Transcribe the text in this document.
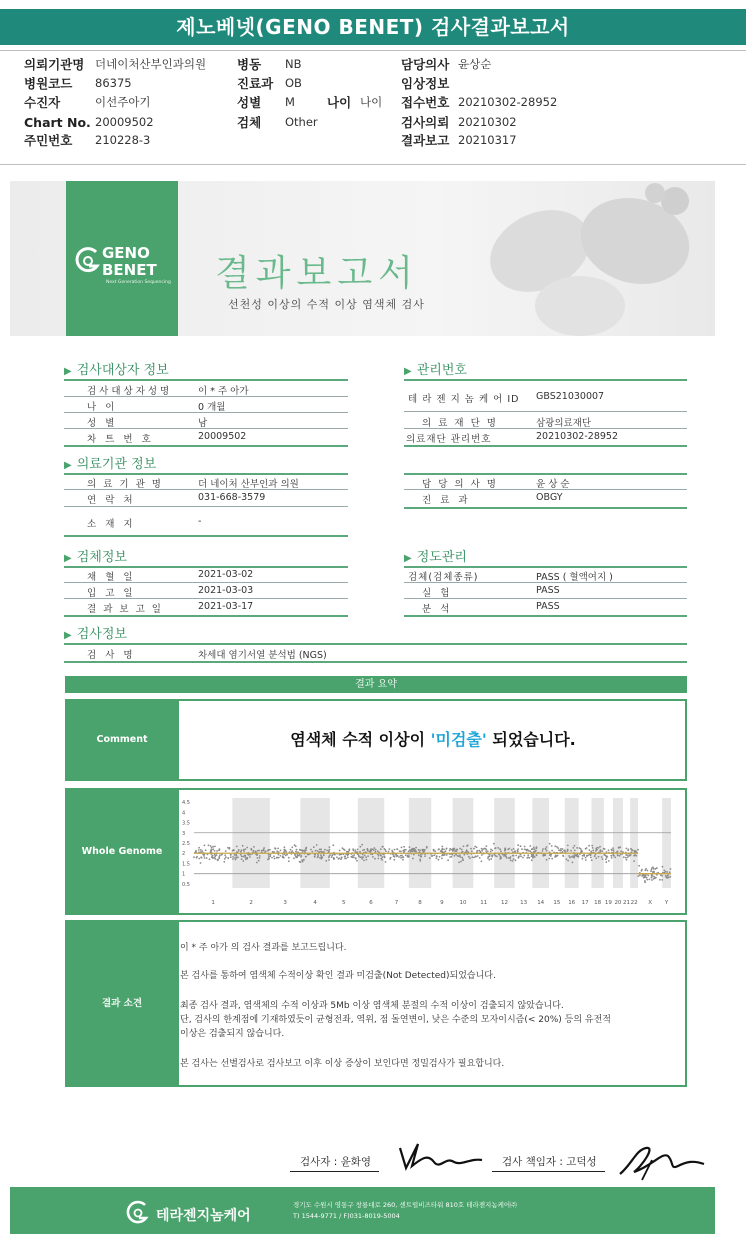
제노베넷(GENO BENET) 검사결과보고서
의뢰기관명 더네이처산부인과의원
병원코드 86375
수진자	이선주아기
Chart No. 20009502
주민번호 210228-3
병동 NB
진료과 OB
성별 M	나이 나이
검체 Other
담당의사 윤상순
임상정보
접수번호 20210302-28952
검사의뢰 20210302
결과보고 20210317
GENO
BENET
Next Generation Sequencing 결과보고서
선천성 이상의 수적 이상 염색체 검사
▶ 검사대상자 정보
검사대상자성명	이 * 주 아가
나 이	0 개월
성 별	남
차 트 번 호	20009502
▶ 관리번호
테 라 젠 지 놈 케 어 ID GBS21030007
의 료 재 단 명	삼광의료재단
의료재단 관리번호	20210302-28952
▶ 의료기관 정보
의 료 기 관 명	더 네이처 산부인과 의원
연 락 처	031-668-3579
소 재 지	-
담 당 의 사 명	윤 상 순
진 료 과	OBGY
▶ 검체정보
채 혈 일	2021-03-02
입 고 일	2021-03-03
결 과 보 고 일	2021-03-17
▶ 정도관리
검체(검체종류)	PASS ( 혈액여지 )
실 험	PASS
분 석	PASS
▶ 검사정보
검 사 명	차세대 염기서열 분석법 (NGS)
결과 요약
Comment	염색체 수적 이상이 '미검출' 되었습니다.
Whole Genome
4.5
4
3.5
3
2.5
2
1.5
1
0.5
1	2	3	4	5	6	7	8	9	10	11 12 13 14 15 16 17 18 19 20 21 22 X Y
결과 소견
이 * 주 아가 의 검사 결과를 보고드립니다.
본 검사를 통하여 염색체 수적이상 확인 결과 미검출(Not Detected)되었습니다.
최종 검사 결과, 염색체의 수적 이상과 5Mb 이상 염색체 분절의 수적 이상이 검출되지 않았습니다.
단, 검사의 한계점에 기재하였듯이 균형전좌, 역위, 점 돌연변이, 낮은 수준의 모자이시즘(< 20%) 등의 유전적
이상은 검출되지 않습니다.
본 검사는 선별검사로 검사보고 이후 이상 증상이 보인다면 정밀검사가 필요합니다.
검사자 : 윤화영	검사 책임자 : 고덕성
테라젠지놈케어
경기도 수원시 영통구 창룡대로 260, 센트럴비즈타워 810호 테라젠지놈케어㈜
T) 1544-9771 / F)031-8019-5004
